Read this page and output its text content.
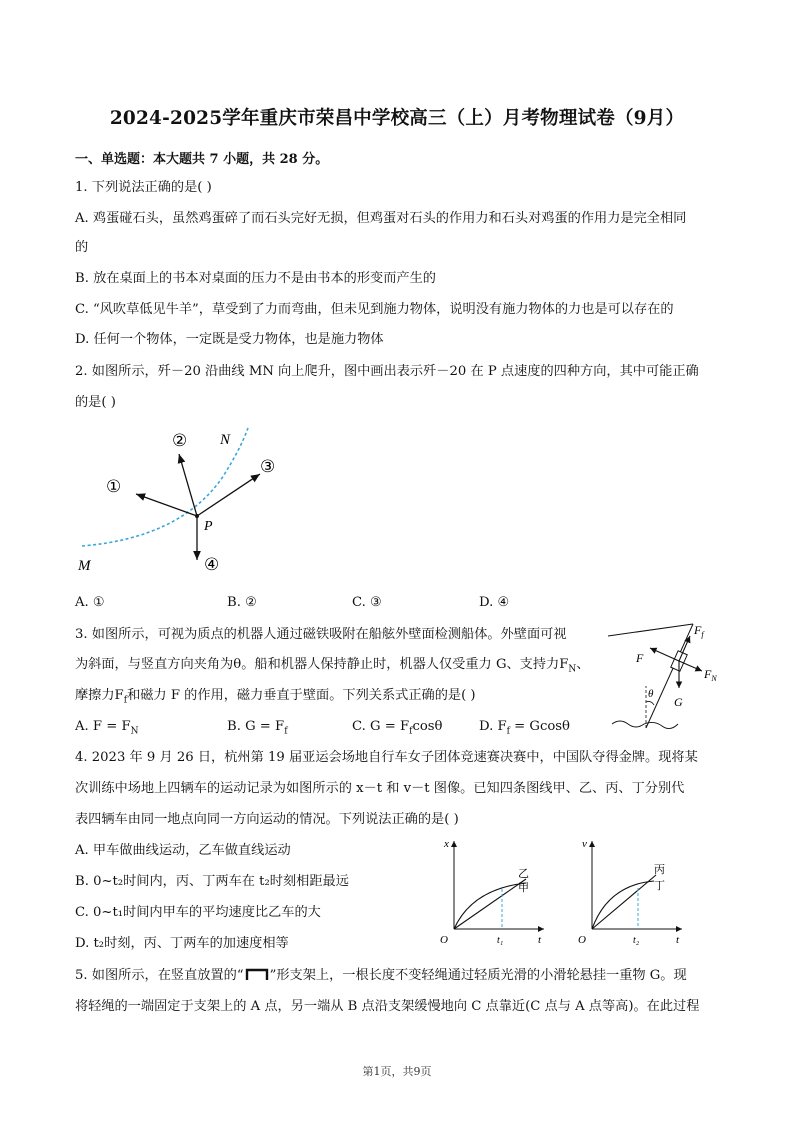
2024-2025学年重庆市荣昌中学校高三（上）月考物理试卷（9月）
一、单选题：本大题共 7 小题，共 28 分。
1. 下列说法正确的是( )
A. 鸡蛋碰石头，虽然鸡蛋碎了而石头完好无损，但鸡蛋对石头的作用力和石头对鸡蛋的作用力是完全相同
的
B. 放在桌面上的书本对桌面的压力不是由书本的形变而产生的
C. “风吹草低见牛羊”，草受到了力而弯曲，但未见到施力物体，说明没有施力物体的力也是可以存在的
D. 任何一个物体，一定既是受力物体，也是施力物体
2. 如图所示，歼－20 沿曲线 MN 向上爬升，图中画出表示歼－20 在 P 点速度的四种方向，其中可能正确
的是( )
N
M
P
①
②
③
④
A. ①	B. ②	C. ③	D. ④
3. 如图所示，可视为质点的机器人通过磁铁吸附在船舷外壁面检测船体。外壁面可视
为斜面，与竖直方向夹角为θ。船和机器人保持静止时，机器人仅受重力 G、支持力$F_N$、
摩擦力$F_f$和磁力 F 的作用，磁力垂直于壁面。下列关系式正确的是( )
A. $F = F_N$	B. $G = F_f$	C. $G = F_f\cos\theta$	D. $F_f = Gcos\theta$
$F_f$
F
$F_N$
G
θ
4. 2023 年 9 月 26 日，杭州第 19 届亚运会场地自行车女子团体竞速赛决赛中，中国队夺得金牌。现将某
次训练中场地上四辆车的运动记录为如图所示的 x－t 和 v－t 图像。已知四条图线甲、乙、丙、丁分别代
表四辆车由同一地点向同一方向运动的情况。下列说法正确的是( )
A. 甲车做曲线运动，乙车做直线运动
B. 0~t₂时间内，丙、丁两车在 t₂时刻相距最远
C. 0~t₁时间内甲车的平均速度比乙车的大
D. t₂时刻，丙、丁两车的加速度相等
x
t
O	t₁
乙
甲
v
t
O	t₂
丙
丁
5. 如图所示，在竖直放置的“ ”形支架上，一根长度不变轻绳通过轻质光滑的小滑轮悬挂一重物 G。现
将轻绳的一端固定于支架上的 A 点，另一端从 B 点沿支架缓慢地向 C 点靠近(C 点与 A 点等高)。在此过程
第1页，共9页
